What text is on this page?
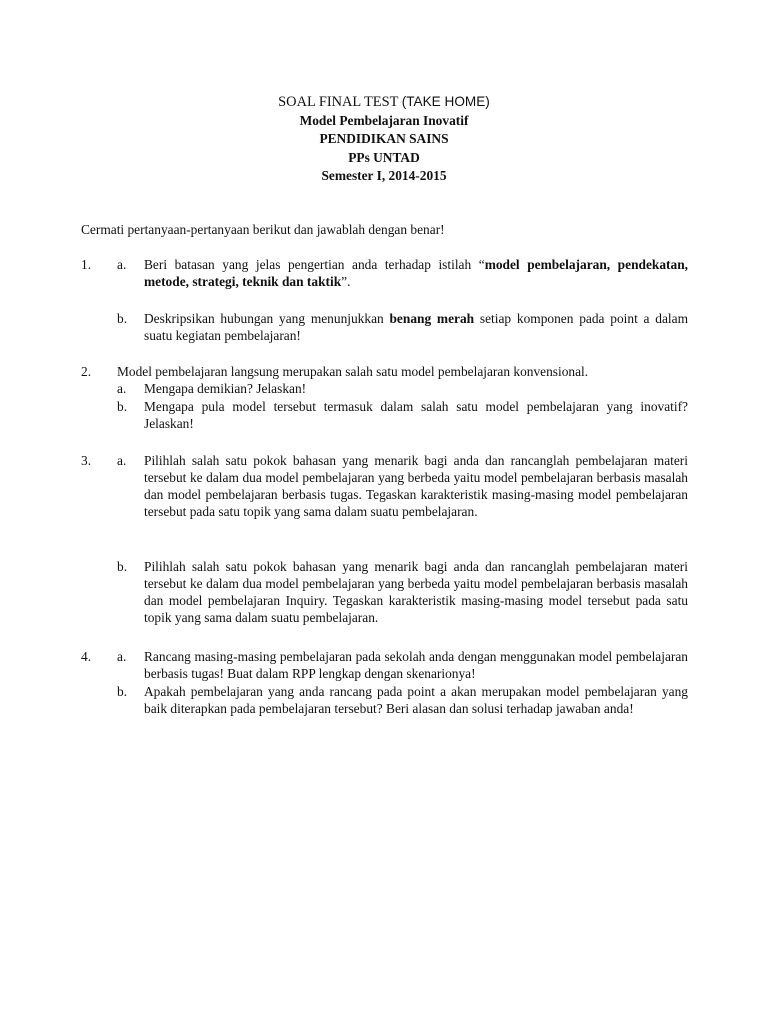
SOAL FINAL TEST (TAKE HOME)
Model Pembelajaran Inovatif
PENDIDIKAN SAINS
PPs UNTAD
Semester I, 2014-2015
Cermati pertanyaan-pertanyaan berikut dan jawablah dengan benar!
1. a. Beri batasan yang jelas pengertian anda terhadap istilah “model pembelajaran, pendekatan, metode, strategi, teknik dan taktik”.
b. Deskripsikan hubungan yang menunjukkan benang merah setiap komponen pada point a dalam suatu kegiatan pembelajaran!
2. Model pembelajaran langsung merupakan salah satu model pembelajaran konvensional.
a. Mengapa demikian? Jelaskan!
b. Mengapa pula model tersebut termasuk dalam salah satu model pembelajaran yang inovatif? Jelaskan!
3. a. Pilihlah salah satu pokok bahasan yang menarik bagi anda dan rancanglah pembelajaran materi tersebut ke dalam dua model pembelajaran yang berbeda yaitu model pembelajaran berbasis masalah dan model pembelajaran berbasis tugas. Tegaskan karakteristik masing-masing model pembelajaran tersebut pada satu topik yang sama dalam suatu pembelajaran.
b. Pilihlah salah satu pokok bahasan yang menarik bagi anda dan rancanglah pembelajaran materi tersebut ke dalam dua model pembelajaran yang berbeda yaitu model pembelajaran berbasis masalah dan model pembelajaran Inquiry. Tegaskan karakteristik masing-masing model tersebut pada satu topik yang sama dalam suatu pembelajaran.
4. a. Rancang masing-masing pembelajaran pada sekolah anda dengan menggunakan model pembelajaran berbasis tugas! Buat dalam RPP lengkap dengan skenarionya!
b. Apakah pembelajaran yang anda rancang pada point a akan merupakan model pembelajaran yang baik diterapkan pada pembelajaran tersebut? Beri alasan dan solusi terhadap jawaban anda!
